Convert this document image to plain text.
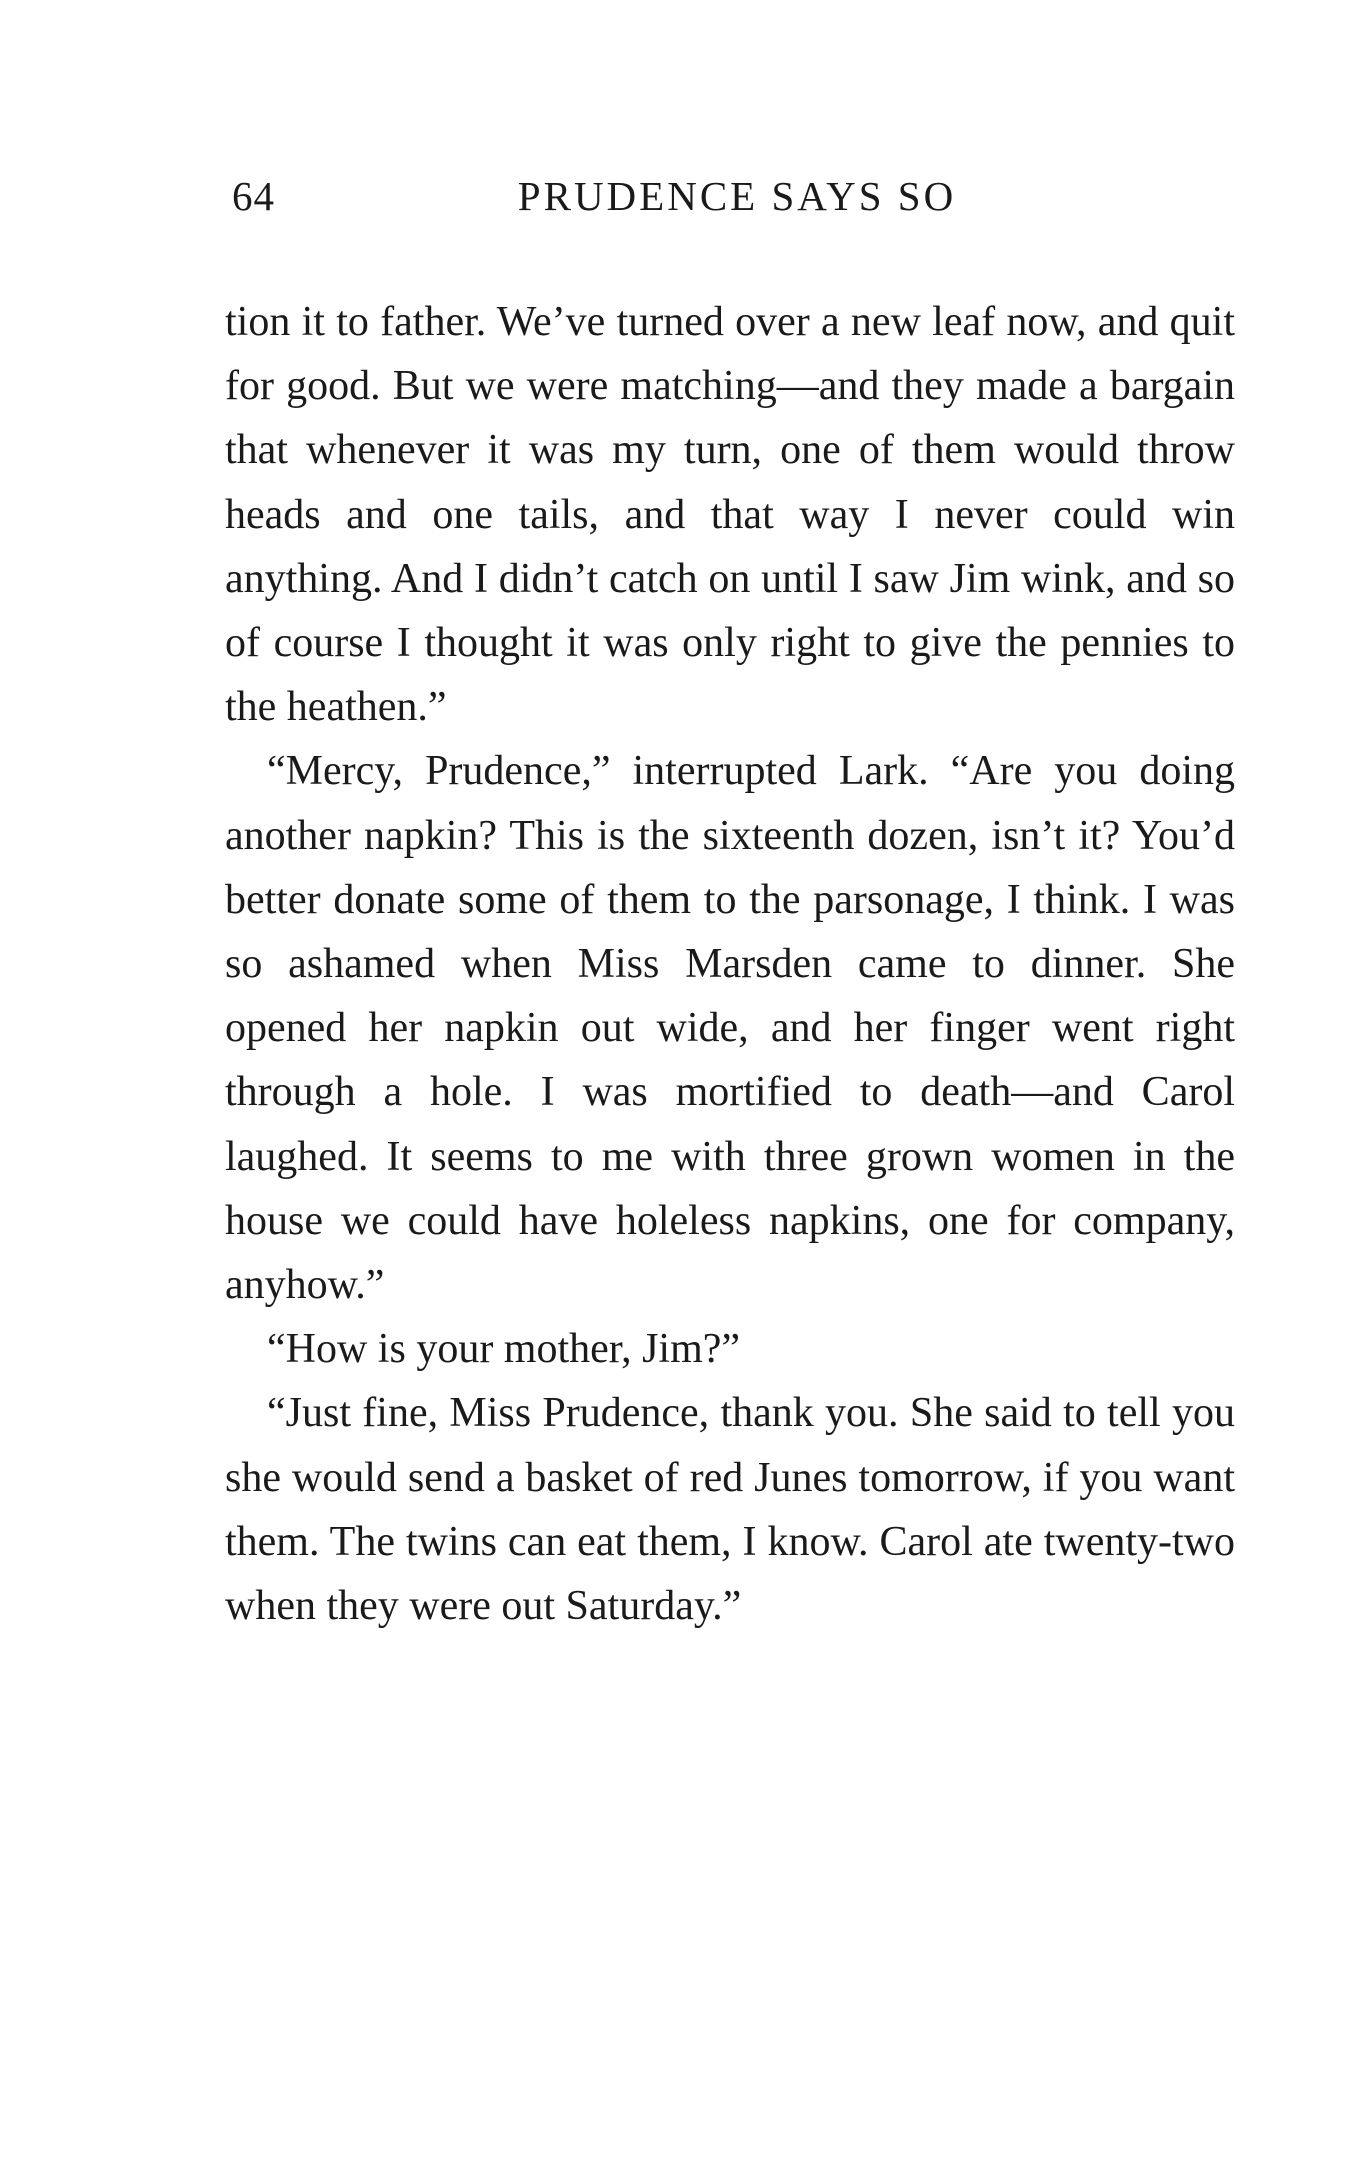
64	PRUDENCE SAYS SO

tion it to father. We’ve turned over a new leaf now, and quit for good. But we were matching—and they made a bargain that whenever it was my turn, one of them would throw heads and one tails, and that way I never could win anything. And I didn’t catch on until I saw Jim wink, and so of course I thought it was only right to give the pennies to the heathen.”

“Mercy, Prudence,” interrupted Lark. “Are you doing another napkin? This is the sixteenth dozen, isn’t it? You’d better donate some of them to the parsonage, I think. I was so ashamed when Miss Marsden came to dinner. She opened her napkin out wide, and her finger went right through a hole. I was mortified to death—and Carol laughed. It seems to me with three grown women in the house we could have holeless napkins, one for company, anyhow.”

“How is your mother, Jim?”

“Just fine, Miss Prudence, thank you. She said to tell you she would send a basket of red Junes tomorrow, if you want them. The twins can eat them, I know. Carol ate twenty-two when they were out Saturday.”
